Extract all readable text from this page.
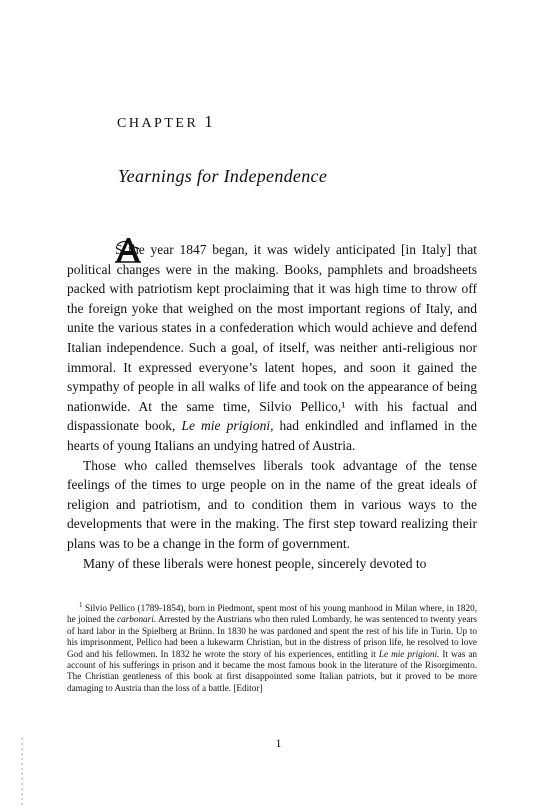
CHAPTER 1
Yearnings for Independence

S the year 1847 began, it was widely anticipated [in Italy] that political changes were in the making. Books, pamphlets and broadsheets packed with patriotism kept proclaiming that it was high time to throw off the foreign yoke that weighed on the most important regions of Italy, and unite the various states in a confederation which would achieve and defend Italian independence. Such a goal, of itself, was neither anti-religious nor immoral. It expressed everyone’s latent hopes, and soon it gained the sympathy of people in all walks of life and took on the appearance of being nationwide. At the same time, Silvio Pellico,¹ with his factual and dispassionate book, Le mie prigioni, had enkindled and inflamed in the hearts of young Italians an undying hatred of Austria.

Those who called themselves liberals took advantage of the tense feelings of the times to urge people on in the name of the great ideals of religion and patriotism, and to condition them in various ways to the developments that were in the making. The first step toward realizing their plans was to be a change in the form of government.

Many of these liberals were honest people, sincerely devoted to

$^1$ Silvio Pellico (1789-1854), born in Piedmont, spent most of his young manhood in Milan where, in 1820, he joined the carbonari. Arrested by the Austrians who then ruled Lombardy, he was sentenced to twenty years of hard labor in the Spielberg at Brünn. In 1830 he was pardoned and spent the rest of his life in Turin. Up to his imprisonment, Pellico had been a lukewarm Christian, but in the distress of prison life, he resolved to love God and his fellowmen. In 1832 he wrote the story of his experiences, entitling it Le mie prigioni. It was an account of his sufferings in prison and it became the most famous book in the literature of the Risorgimento. The Christian gentleness of this book at first disappointed some Italian patriots, but it proved to be more damaging to Austria than the loss of a battle. [Editor]

1
